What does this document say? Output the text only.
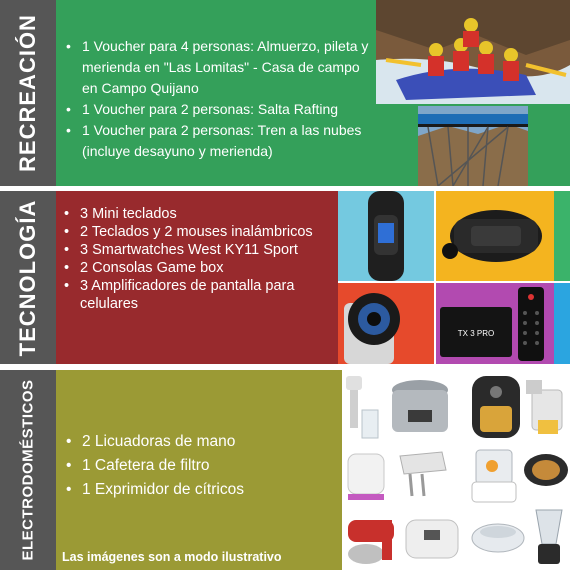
RECREACIÓN	• 1 Voucher para 4 personas: Almuerzo, pileta y merienda en "Las Lomitas" - Casa de campo en Campo Quijano
• 1 Voucher para 2 personas: Salta Rafting
• 1 Voucher para 2 personas: Tren a las nubes (incluye desayuno y merienda)
TECNOLOGÍA	• 3 Mini teclados
• 2 Teclados y 2 mouses inalámbricos
• 3 Smartwatches West KY11 Sport
• 2 Consolas Game box
• 3 Amplificadores de pantalla para celulares
TX 3 PRO
ELECTRODOMÉSTICOS	• 2 Licuadoras de mano
• 1 Cafetera de filtro
• 1 Exprimidor de cítricos
Las imágenes son a modo ilustrativo
